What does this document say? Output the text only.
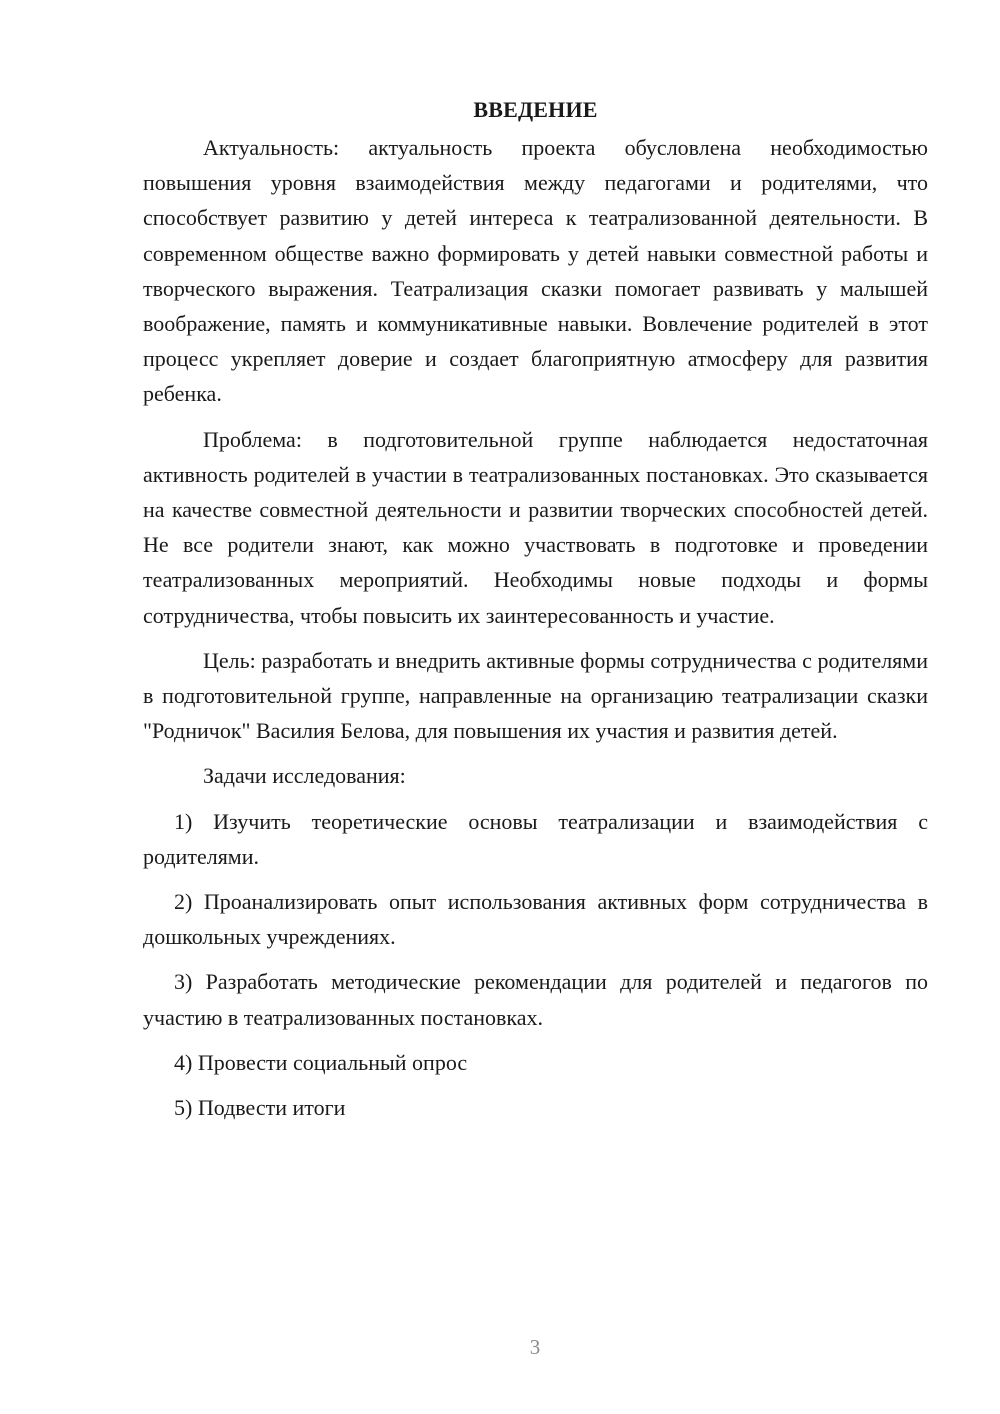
ВВЕДЕНИЕ

Актуальность: актуальность проекта обусловлена необходимостью повышения уровня взаимодействия между педагогами и родителями, что способствует развитию у детей интереса к театрализованной деятельности. В современном обществе важно формировать у детей навыки совместной работы и творческого выражения. Театрализация сказки помогает развивать у малышей воображение, память и коммуникативные навыки. Вовлечение родителей в этот процесс укрепляет доверие и создает благоприятную атмосферу для развития ребенка.

Проблема: в подготовительной группе наблюдается недостаточная активность родителей в участии в театрализованных постановках. Это сказывается на качестве совместной деятельности и развитии творческих способностей детей. Не все родители знают, как можно участвовать в подготовке и проведении театрализованных мероприятий. Необходимы новые подходы и формы сотрудничества, чтобы повысить их заинтересованность и участие.

Цель: разработать и внедрить активные формы сотрудничества с родителями в подготовительной группе, направленные на организацию театрализации сказки "Родничок" Василия Белова, для повышения их участия и развития детей.

Задачи исследования:

1) Изучить теоретические основы театрализации и взаимодействия с родителями.

2) Проанализировать опыт использования активных форм сотрудничества в дошкольных учреждениях.

3) Разработать методические рекомендации для родителей и педагогов по участию в театрализованных постановках.

4) Провести социальный опрос

5) Подвести итоги

3
